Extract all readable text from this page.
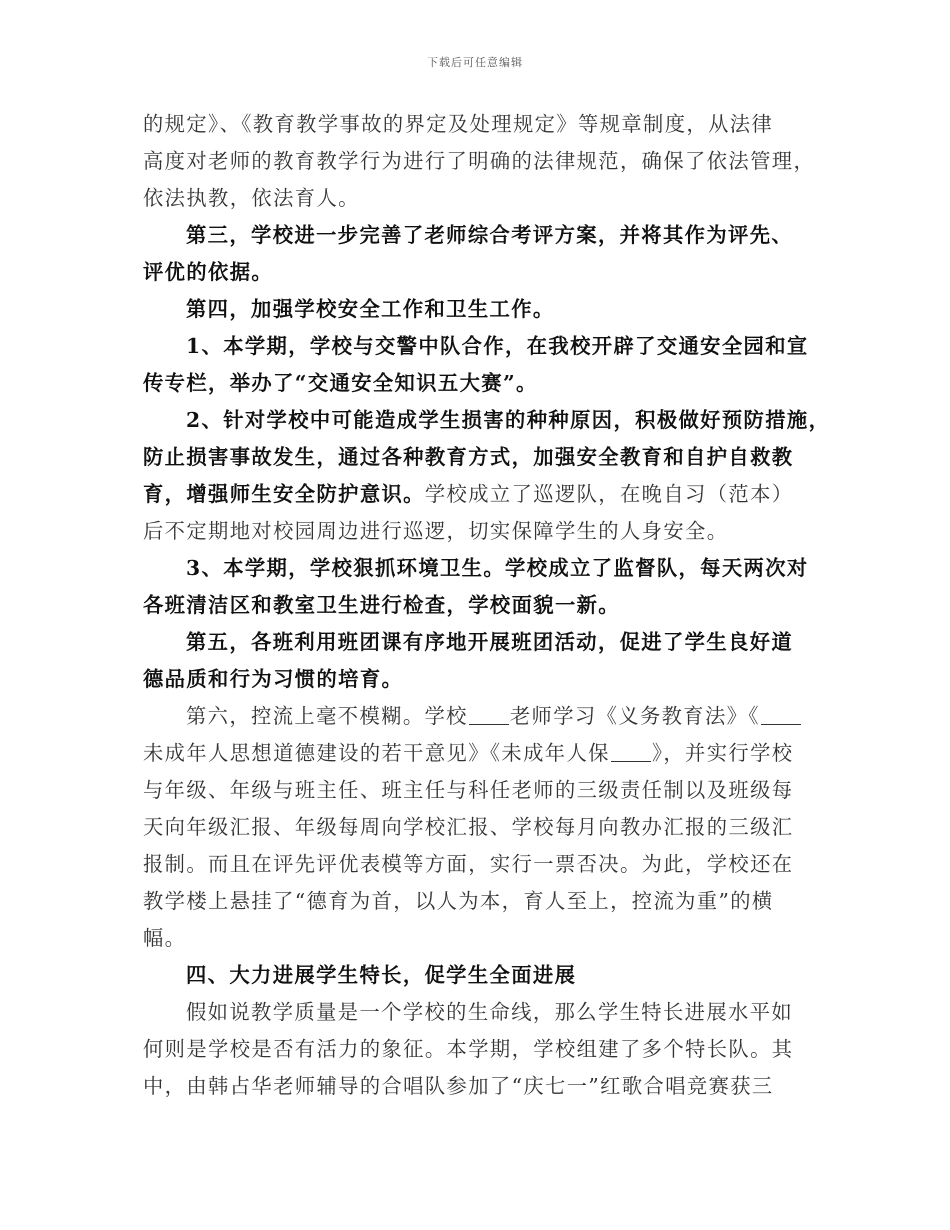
下载后可任意编辑
的规定》、《教育教学事故的界定及处理规定》等规章制度，从法律
高度对老师的教育教学行为进行了明确的法律规范，确保了依法管理，
依法执教，依法育人。
第三，学校进一步完善了老师综合考评方案，并将其作为评先、
评优的依据。
第四，加强学校安全工作和卫生工作。
1、本学期，学校与交警中队合作，在我校开辟了交通安全园和宣
传专栏，举办了“交通安全知识五大赛”。
2、针对学校中可能造成学生损害的种种原因，积极做好预防措施，
防止损害事故发生，通过各种教育方式，加强安全教育和自护自救教
育，增强师生安全防护意识。学校成立了巡逻队，在晚自习（范本）
后不定期地对校园周边进行巡逻，切实保障学生的人身安全。
3、本学期，学校狠抓环境卫生。学校成立了监督队，每天两次对
各班清洁区和教室卫生进行检查，学校面貌一新。
第五，各班利用班团课有序地开展班团活动，促进了学生良好道
德品质和行为习惯的培育。
第六，控流上毫不模糊。学校 老师学习《义务教育法》《
未成年人思想道德建设的若干意见》《未成年人保 》，并实行学校
与年级、年级与班主任、班主任与科任老师的三级责任制以及班级每
天向年级汇报、年级每周向学校汇报、学校每月向教办汇报的三级汇
报制。而且在评先评优表模等方面，实行一票否决。为此，学校还在
教学楼上悬挂了“德育为首，以人为本，育人至上，控流为重”的横
幅。
四、大力进展学生特长，促学生全面进展
假如说教学质量是一个学校的生命线，那么学生特长进展水平如
何则是学校是否有活力的象征。本学期，学校组建了多个特长队。其
中，由韩占华老师辅导的合唱队参加了“庆七一”红歌合唱竞赛获三
